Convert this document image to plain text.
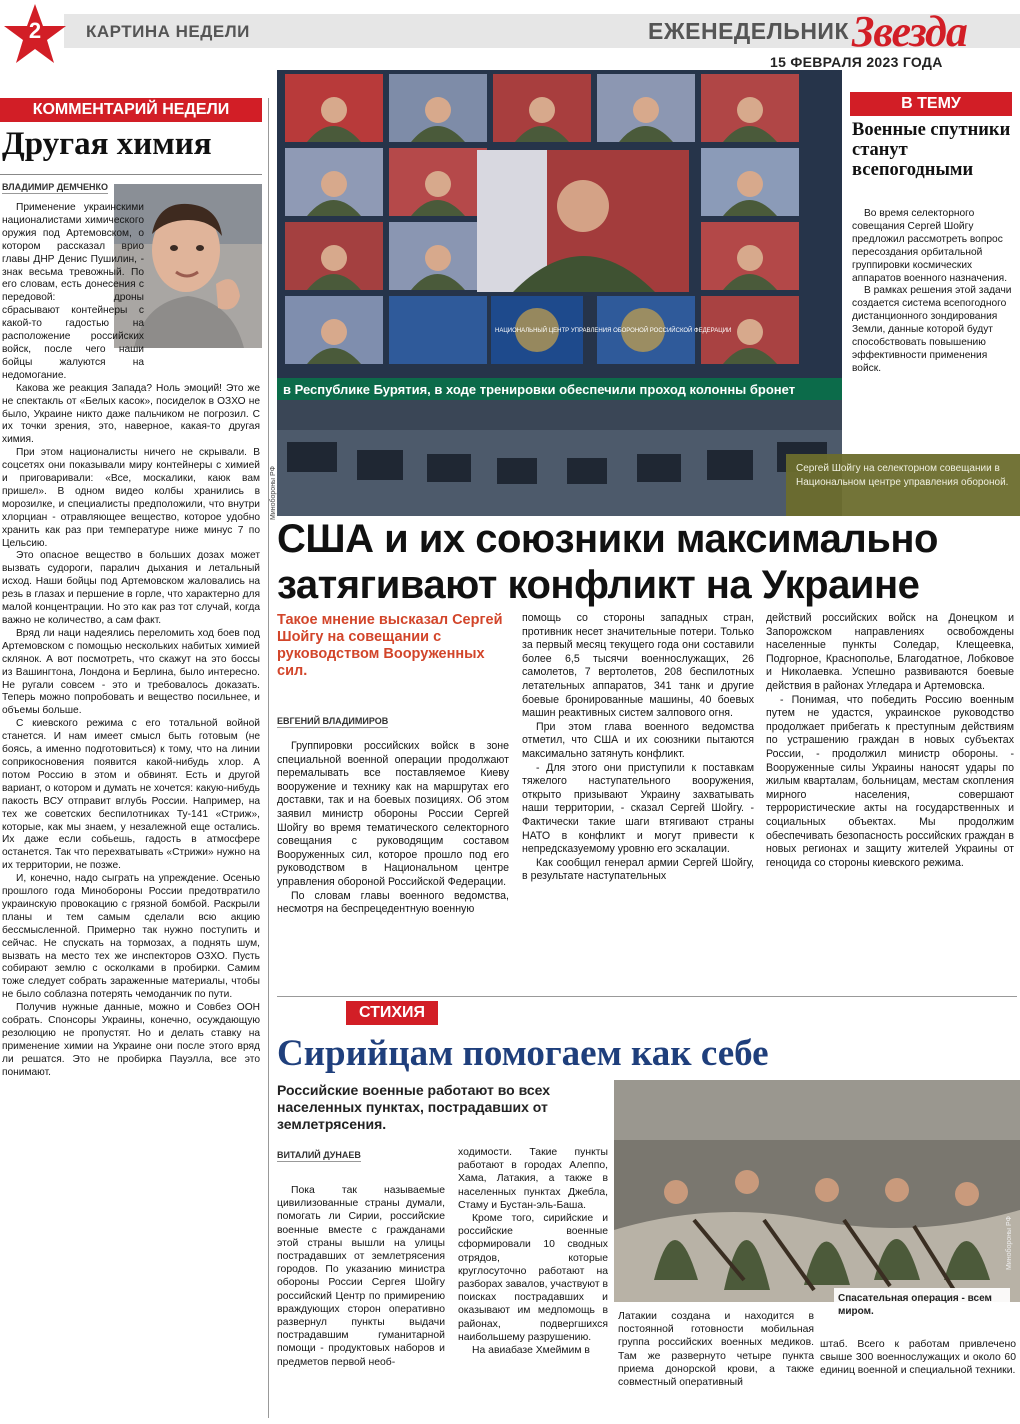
2	КАРТИНА НЕДЕЛИ	ЕЖЕНЕДЕЛЬНИК Звезда
15 ФЕВРАЛЯ 2023 ГОДА
КОММЕНТАРИЙ НЕДЕЛИ
Другая химия
ВЛАДИМИР ДЕМЧЕНКО

Применение украинскими националистами химического оружия под Артемовском, о котором рассказал врио главы ДНР Денис Пушилин, - знак весьма тревожный. По его словам, есть донесения с передовой: дроны сбрасывают контейнеры с какой-то гадостью на расположение российских войск, после чего наши бойцы жалуются на недомогание.

Какова же реакция Запада? Ноль эмоций! Это же не спектакль от «Белых касок», посиделок в ОЗХО не было, Украине никто даже пальчиком не погрозил. С их точки зрения, это, наверное, какая-то другая химия.

При этом националисты ничего не скрывали. В соцсетях они показывали миру контейнеры с химией и приговаривали: «Все, москалики, каюк вам пришел». В одном видео колбы хранились в морозилке, и специалисты предположили, что внутри хлорциан - отравляющее вещество, которое удобно хранить как раз при температуре ниже минус 7 по Цельсию.

Это опасное вещество в больших дозах может вызвать судороги, паралич дыхания и летальный исход. Наши бойцы под Артемовском жаловались на резь в глазах и першение в горле, что характерно для малой концентрации. Но это как раз тот случай, когда важно не количество, а сам факт.

Вряд ли наци надеялись переломить ход боев под Артемовском с помощью нескольких набитых химией склянок. А вот посмотреть, что скажут на это боссы из Вашингтона, Лондона и Берлина, было интересно. Не ругали совсем - это и требовалось доказать. Теперь можно попробовать и вещество посильнее, и объемы больше.

С киевского режима с его тотальной войной станется. И нам имеет смысл быть готовым (не боясь, а именно подготовиться) к тому, что на линии соприкосновения появится какой-нибудь хлор. А потом Россию в этом и обвинят. Есть и другой вариант, о котором и думать не хочется: какую-нибудь пакость ВСУ отправит вглубь России. Например, на тех же советских беспилотниках Ту-141 «Стриж», которые, как мы знаем, у незалежной еще остались. Их даже если собьешь, гадость в атмосфере останется. Так что перехватывать «Стрижи» нужно на их территории, не позже.

И, конечно, надо сыграть на упреждение. Осенью прошлого года Минобороны России предотвратило украинскую провокацию с грязной бомбой. Раскрыли планы и тем самым сделали всю акцию бессмысленной. Примерно так нужно поступить и сейчас. Не спускать на тормозах, а поднять шум, вызвать на место тех же инспекторов ОЗХО. Пусть собирают землю с осколками в пробирки. Самим тоже следует собрать зараженные материалы, чтобы не было соблазна потерять чемоданчик по пути.

Получив нужные данные, можно и Совбез ООН собрать. Спонсоры Украины, конечно, осуждающую резолюцию не пропустят. Но и делать ставку на применение химии на Украине они после этого вряд ли решатся. Это не пробирка Пауэлла, все это понимают.

в Республике Бурятия, в ходе тренировки обеспечили проход колонны бронет
НАЦИОНАЛЬНЫЙ ЦЕНТР УПРАВЛЕНИЯ ОБОРОНОЙ РОССИЙСКОЙ ФЕДЕРАЦИИ
Минобороны РФ
В ТЕМУ
Военные спутники станут всепогодными

Во время селекторного совещания Сергей Шойгу предложил рассмотреть вопрос пересоздания орбитальной группировки космических аппаратов военного назначения.

В рамках решения этой задачи создается система всепогодного дистанционного зондирования Земли, данные которой будут способствовать повышению эффективности применения войск.

Сергей Шойгу на селекторном совещании в Национальном центре управления обороной.
США и их союзники максимально затягивают конфликт на Украине
Такое мнение высказал Сергей Шойгу на совещании с руководством Вооруженных сил.
ЕВГЕНИЙ ВЛАДИМИРОВ

Группировки российских войск в зоне специальной военной операции продолжают перемалывать все поставляемое Киеву вооружение и технику как на маршрутах его доставки, так и на боевых позициях. Об этом заявил министр обороны России Сергей Шойгу во время тематического селекторного совещания с руководящим составом Вооруженных сил, которое прошло под его руководством в Национальном центре управления обороной Российской Федерации.

По словам главы военного ведомства, несмотря на беспрецедентную военную

помощь со стороны западных стран, противник несет значительные потери. Только за первый месяц текущего года они составили более 6,5 тысячи военнослужащих, 26 самолетов, 7 вертолетов, 208 беспилотных летательных аппаратов, 341 танк и другие боевые бронированные машины, 40 боевых машин реактивных систем залпового огня.

При этом глава военного ведомства отметил, что США и их союзники пытаются максимально затянуть конфликт.

- Для этого они приступили к поставкам тяжелого наступательного вооружения, открыто призывают Украину захватывать наши территории, - сказал Сергей Шойгу. - Фактически такие шаги втягивают страны НАТО в конфликт и могут привести к непредсказуемому уровню его эскалации.

Как сообщил генерал армии Сергей Шойгу, в результате наступательных

действий российских войск на Донецком и Запорожском направлениях освобождены населенные пункты Соледар, Клещеевка, Подгорное, Краснополье, Благодатное, Лобковое и Николаевка. Успешно развиваются боевые действия в районах Угледара и Артемовска.

- Понимая, что победить Россию военным путем не удастся, украинское руководство продолжает прибегать к преступным действиям по устрашению граждан в новых субъектах России, - продолжил министр обороны. - Вооруженные силы Украины наносят удары по жилым кварталам, больницам, местам скопления мирного населения, совершают террористические акты на государственных и социальных объектах. Мы продолжим обеспечивать безопасность российских граждан в новых регионах и защиту жителей Украины от геноцида со стороны киевского режима.

СТИХИЯ
Сирийцам помогаем как себе
Российские военные работают во всех населенных пунктах, пострадавших от землетрясения.
ВИТАЛИЙ ДУНАЕВ

Пока так называемые цивилизованные страны думали, помогать ли Сирии, российские военные вместе с гражданами этой страны вышли на улицы пострадавших от землетрясения городов. По указанию министра обороны России Сергея Шойгу российский Центр по примирению враждующих сторон оперативно развернул пункты выдачи пострадавшим гуманитарной помощи - продуктовых наборов и предметов первой необ-

ходимости. Такие пункты работают в городах Алеппо, Хама, Латакия, а также в населенных пунктах Джебла, Стаму и Бустан-эль-Баша.

Кроме того, сирийские и российские военные сформировали 10 сводных отрядов, которые круглосуточно работают на разборах завалов, участвуют в поисках пострадавших и оказывают им медпомощь в районах, подвергшихся наибольшему разрушению.

На авиабазе Хмеймим в

Латакии создана и находится в постоянной готовности мобильная группа российских военных медиков. Там же развернуто четыре пункта приема донорской крови, а также совместный оперативный

штаб. Всего к работам привлечено свыше 300 военнослужащих и около 60 единиц военной и специальной техники.

Минобороны РФ
Спасательная операция - всем миром.
